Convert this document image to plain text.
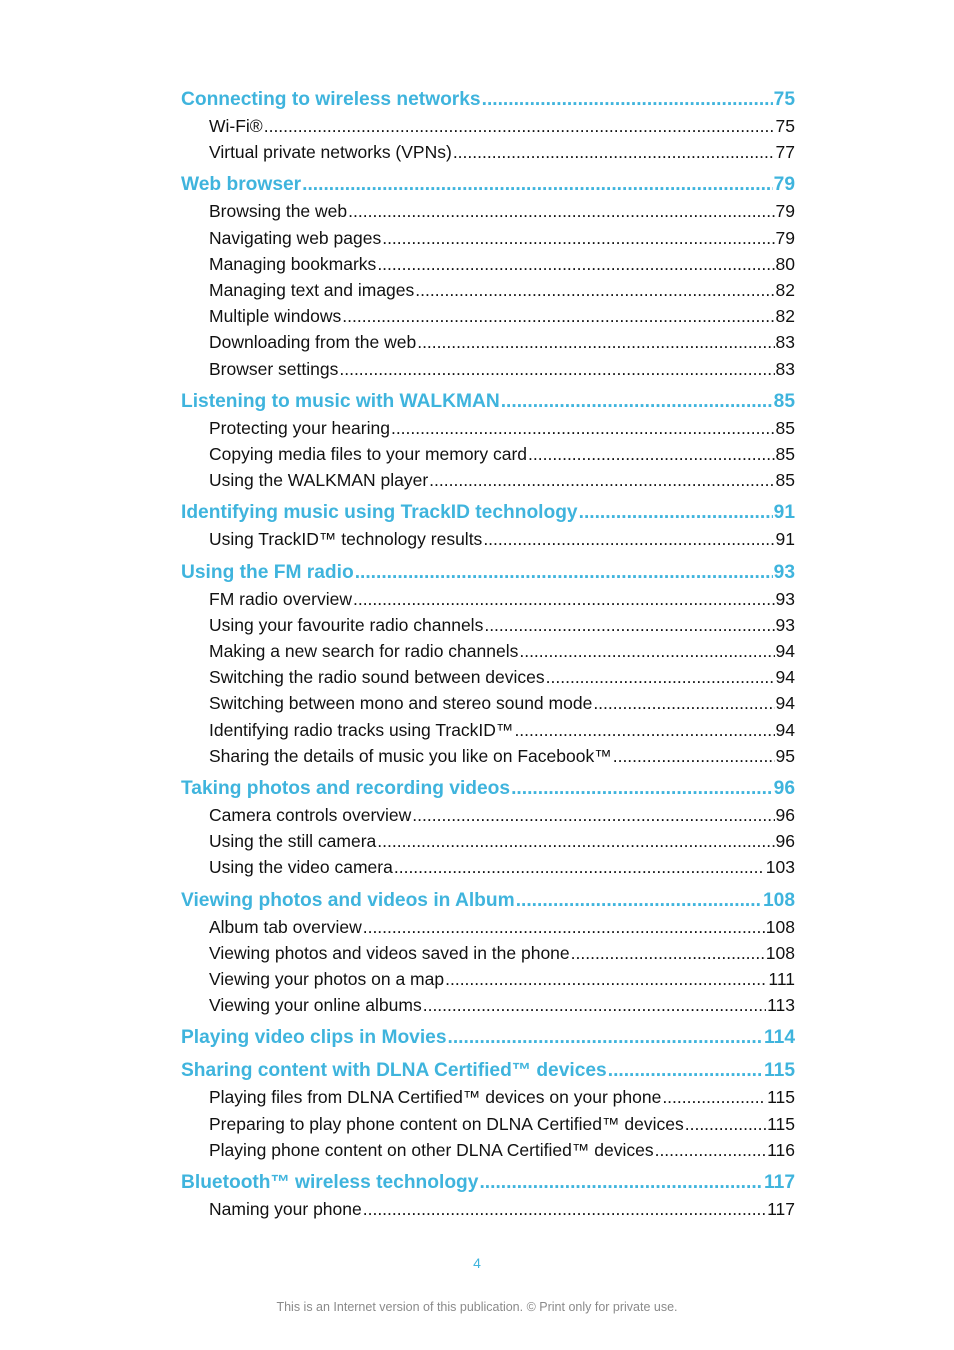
Connecting to wireless networks .....	75
Wi-Fi® .....	75
Virtual private networks (VPNs) .....	77
Web browser .....	79
Browsing the web .....	79
Navigating web pages .....	79
Managing bookmarks .....	80
Managing text and images .....	82
Multiple windows .....	82
Downloading from the web .....	83
Browser settings .....	83
Listening to music with WALKMAN .....	85
Protecting your hearing .....	85
Copying media files to your memory card .....	85
Using the WALKMAN player .....	85
Identifying music using TrackID technology .....	91
Using TrackID™ technology results .....	91
Using the FM radio .....	93
FM radio overview .....	93
Using your favourite radio channels .....	93
Making a new search for radio channels .....	94
Switching the radio sound between devices .....	94
Switching between mono and stereo sound mode .....	94
Identifying radio tracks using TrackID™ .....	94
Sharing the details of music you like on Facebook™ .....	95
Taking photos and recording videos .....	96
Camera controls overview .....	96
Using the still camera .....	96
Using the video camera .....	103
Viewing photos and videos in Album .....	108
Album tab overview .....	108
Viewing photos and videos saved in the phone .....	108
Viewing your photos on a map .....	111
Viewing your online albums .....	113
Playing video clips in Movies .....	114
Sharing content with DLNA Certified™ devices .....	115
Playing files from DLNA Certified™ devices on your phone .....	115
Preparing to play phone content on DLNA Certified™ devices .....	115
Playing phone content on other DLNA Certified™ devices .....	116
Bluetooth™ wireless technology .....	117
Naming your phone .....	117
4
This is an Internet version of this publication. © Print only for private use.
